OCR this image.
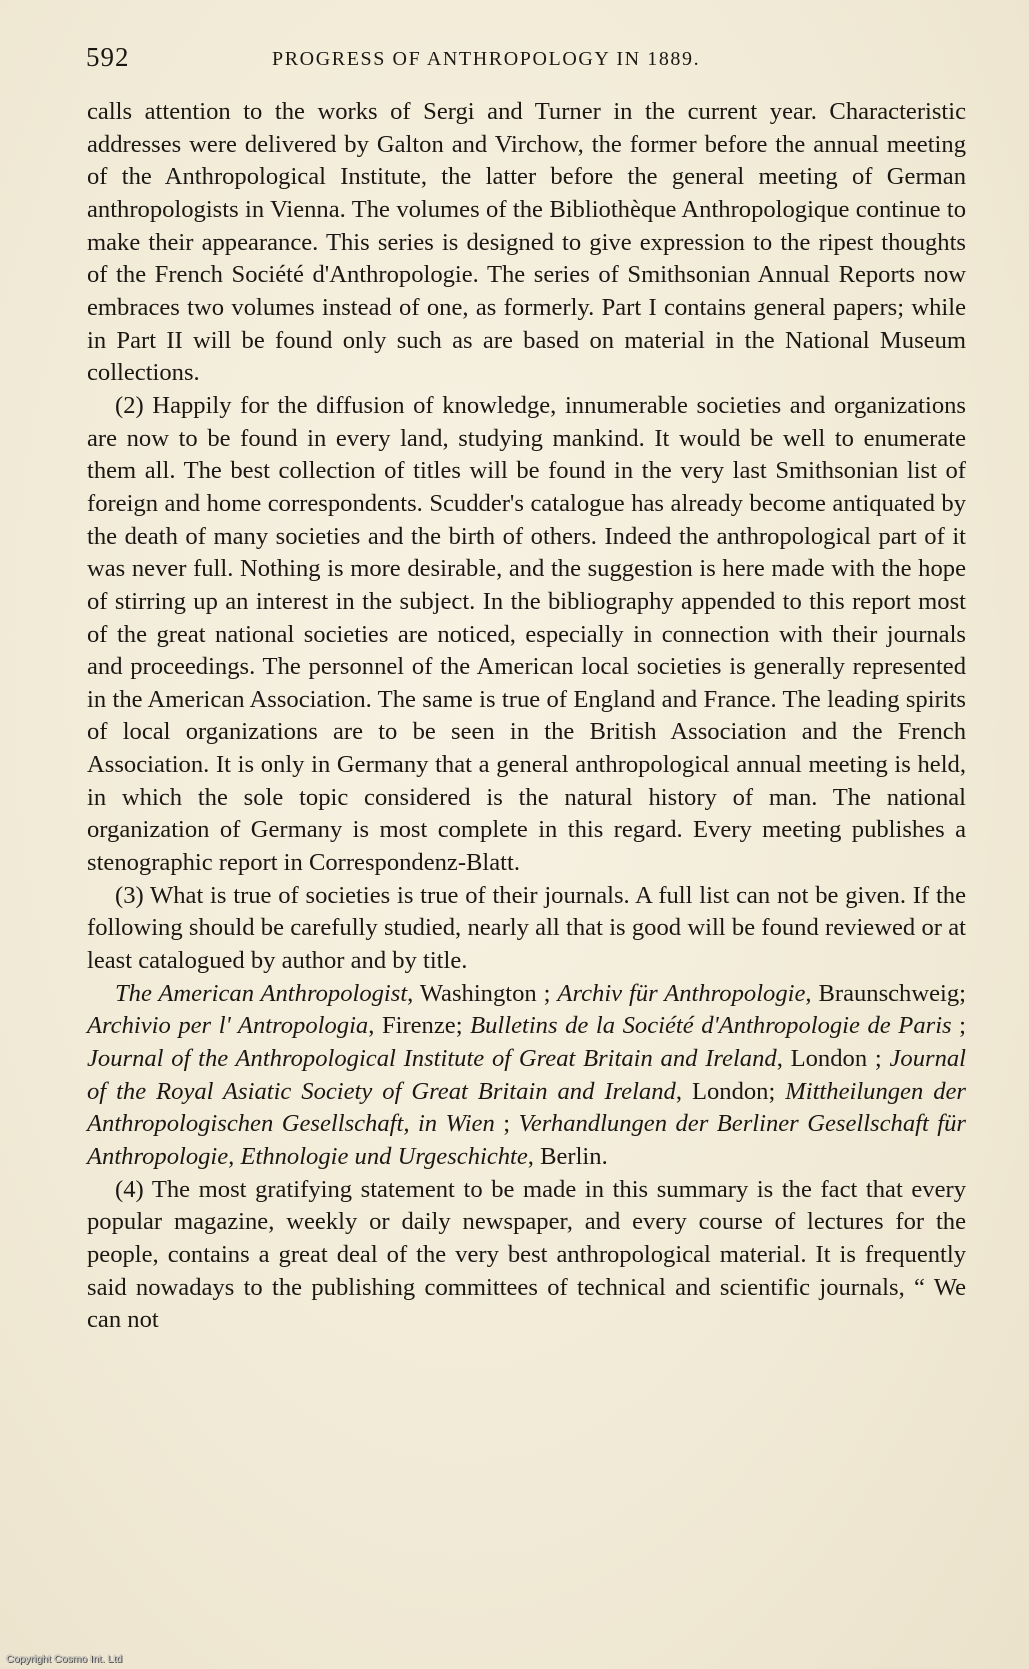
592	PROGRESS OF ANTHROPOLOGY IN 1889.

calls attention to the works of Sergi and Turner in the current year. Characteristic addresses were delivered by Galton and Virchow, the former before the annual meeting of the Anthropological Institute, the latter before the general meeting of German anthropologists in Vienna. The volumes of the Bibliothèque Anthropologique continue to make their appearance. This series is designed to give expression to the ripest thoughts of the French Société d'Anthropologie. The series of Smithsonian Annual Reports now embraces two volumes instead of one, as formerly. Part I contains general papers; while in Part II will be found only such as are based on material in the National Museum collections.

(2) Happily for the diffusion of knowledge, innumerable societies and organizations are now to be found in every land, studying mankind. It would be well to enumerate them all. The best collection of titles will be found in the very last Smithsonian list of foreign and home correspondents. Scudder's catalogue has already become antiquated by the death of many societies and the birth of others. Indeed the anthropological part of it was never full. Nothing is more desirable, and the suggestion is here made with the hope of stirring up an interest in the subject. In the bibliography appended to this report most of the great national societies are noticed, especially in connection with their journals and proceedings. The personnel of the American local societies is generally represented in the American Association. The same is true of England and France. The leading spirits of local organizations are to be seen in the British Association and the French Association. It is only in Germany that a general anthropological annual meeting is held, in which the sole topic considered is the natural history of man. The national organization of Germany is most complete in this regard. Every meeting publishes a stenographic report in Correspondenz-Blatt.

(3) What is true of societies is true of their journals. A full list can not be given. If the following should be carefully studied, nearly all that is good will be found reviewed or at least catalogued by author and by title.

The American Anthropologist, Washington ; Archiv für Anthropologie, Braunschweig; Archivio per l' Antropologia, Firenze; Bulletins de la Société d'Anthropologie de Paris ; Journal of the Anthropological Institute of Great Britain and Ireland, London ; Journal of the Royal Asiatic Society of Great Britain and Ireland, London; Mittheilungen der Anthropologischen Gesellschaft, in Wien ; Verhandlungen der Berliner Gesellschaft für Anthropologie, Ethnologie und Urgeschichte, Berlin.

(4) The most gratifying statement to be made in this summary is the fact that every popular magazine, weekly or daily newspaper, and every course of lectures for the people, contains a great deal of the very best anthropological material. It is frequently said nowadays to the publishing committees of technical and scientific journals, “ We can not

Copyright Cosmo Int. Ltd
